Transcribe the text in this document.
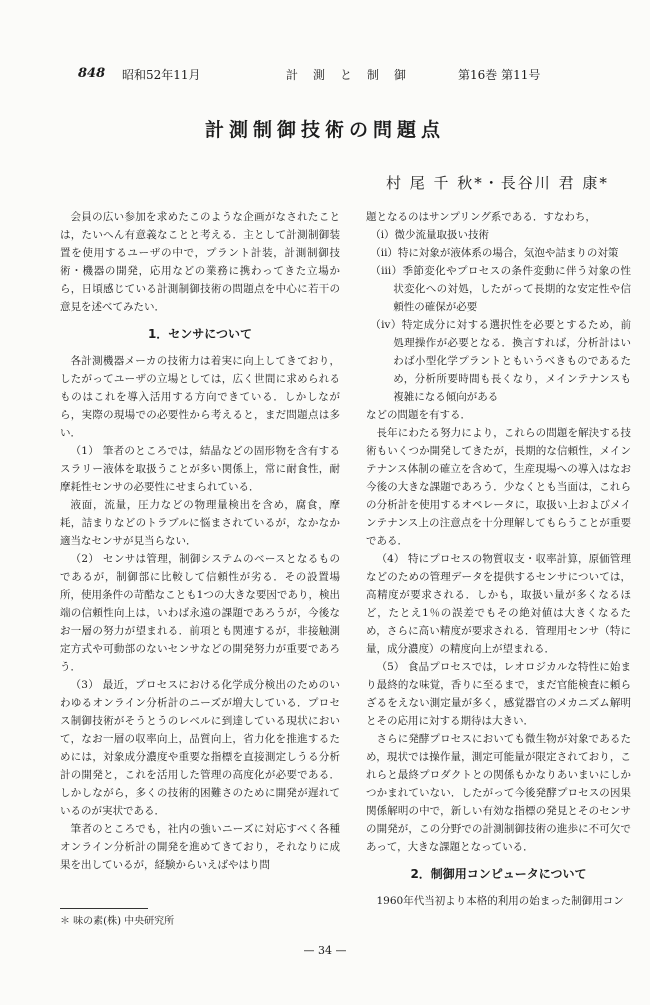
848 昭和52年11月	計測と制御	第16巻 第11号
計測制御技術の問題点
村 尾 千 秋*・長谷川 君 康*

会員の広い参加を求めたこのような企画がなされたことは，たいへん有意義なことと考える．主として計測制御装置を使用するユーザの中で，プラント計装，計測制御技術・機器の開発，応用などの業務に携わってきた立場から，日頃感じている計測制御技術の問題点を中心に若干の意見を述べてみたい．

1．センサについて

各計測機器メーカの技術力は着実に向上してきており，したがってユーザの立場としては，広く世間に求められるものはこれを導入活用する方向できている．しかしながら，実際の現場での必要性から考えると，まだ問題点は多い．

（1） 筆者のところでは，結晶などの固形物を含有するスラリー液体を取扱うことが多い関係上，常に耐食性，耐摩耗性センサの必要性にせまられている．

液面，流量，圧力などの物理量検出を含め，腐食，摩耗，詰まりなどのトラブルに悩まされているが，なかなか適当なセンサが見当らない．

（2） センサは管理，制御システムのベースとなるものであるが，制御部に比較して信頼性が劣る．その設置場所，使用条件の苛酷なことも1つの大きな要因であり，検出端の信頼性向上は，いわば永遠の課題であろうが，今後なお一層の努力が望まれる．前項とも関連するが，非接触測定方式や可動部のないセンサなどの開発努力が重要であろう．

（3） 最近，プロセスにおける化学成分検出のためのいわゆるオンライン分析計のニーズが増大している．プロセス制御技術がそうとうのレベルに到達している現状において，なお一層の収率向上，品質向上，省力化を推進するためには，対象成分濃度や重要な指標を直接測定しうる分析計の開発と，これを活用した管理の高度化が必要である．しかしながら，多くの技術的困難さのために開発が遅れているのが実状である．

筆者のところでも，社内の強いニーズに対応すべく各種オンライン分析計の開発を進めてきており，それなりに成果を出しているが，経験からいえばやはり問

題となるのはサンプリング系である．すなわち，

（ⅰ）微少流量取扱い技術

（ⅱ）特に対象が液体系の場合，気泡や詰まりの対策

（ⅲ）季節変化やプロセスの条件変動に伴う対象の性状変化への対処，したがって長期的な安定性や信頼性の確保が必要

（ⅳ）特定成分に対する選択性を必要とするため，前処理操作が必要となる．換言すれば，分析計はいわば小型化学プラントともいうべきものであるため，分析所要時間も長くなり，メインテナンスも複雑になる傾向がある

などの問題を有する．

長年にわたる努力により，これらの問題を解決する技術もいくつか開発してきたが，長期的な信頼性，メインテナンス体制の確立を含めて，生産現場への導入はなお今後の大きな課題であろう．少なくとも当面は，これらの分析計を使用するオペレータに，取扱い上およびメインテナンス上の注意点を十分理解してもらうことが重要である．

（4） 特にプロセスの物質収支・収率計算，原価管理などのための管理データを提供するセンサについては，高精度が要求される．しかも，取扱い量が多くなるほど，たとえ1％の誤差でもその絶対値は大きくなるため，さらに高い精度が要求される．管理用センサ（特に量，成分濃度）の精度向上が望まれる．

（5） 食品プロセスでは，レオロジカルな特性に始まり最終的な味覚，香りに至るまで，まだ官能検査に頼らざるをえない測定量が多く，感覚器官のメカニズム解明とその応用に対する期待は大きい．

さらに発酵プロセスにおいても微生物が対象であるため，現状では操作量，測定可能量が限定されており，これらと最終プロダクトとの関係もかなりあいまいにしかつかまれていない．したがって今後発酵プロセスの因果関係解明の中で，新しい有効な指標の発見とそのセンサの開発が，この分野での計測制御技術の進歩に不可欠であって，大きな課題となっている．

2．制御用コンピュータについて

1960年代当初より本格的利用の始まった制御用コン

＊ 味の素(株) 中央研究所
— 34 —
